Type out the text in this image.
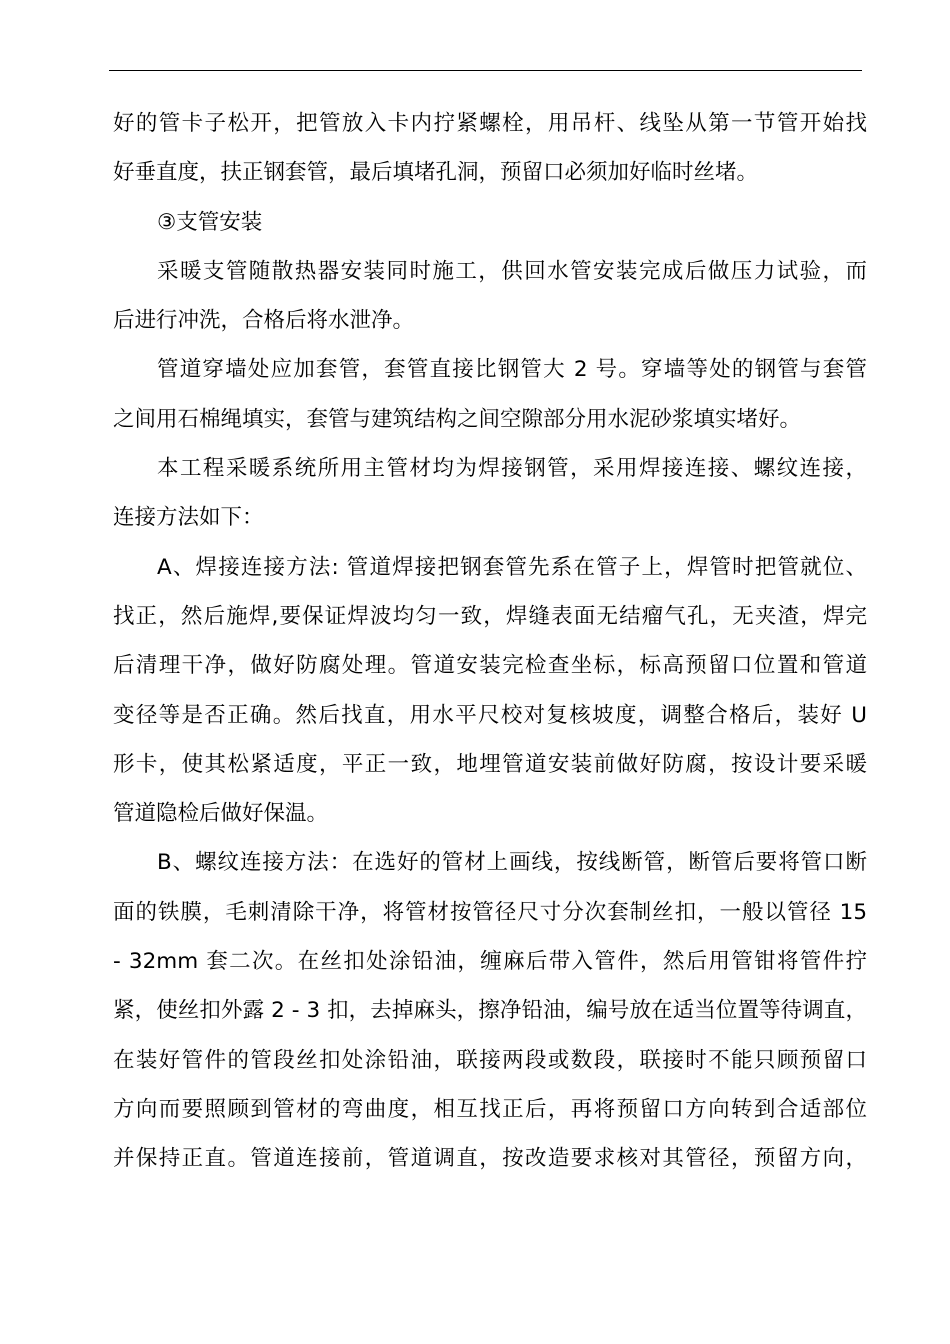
好的管卡子松开，把管放入卡内拧紧螺栓，用吊杆、线坠从第一节管开始找
好垂直度，扶正钢套管，最后填堵孔洞，预留口必须加好临时丝堵。
③支管安装
采暖支管随散热器安装同时施工，供回水管安装完成后做压力试验，而
后进行冲洗，合格后将水泄净。
管道穿墙处应加套管，套管直接比钢管大 2 号。穿墙等处的钢管与套管
之间用石棉绳填实，套管与建筑结构之间空隙部分用水泥砂浆填实堵好。
本工程采暖系统所用主管材均为焊接钢管，采用焊接连接、螺纹连接，
连接方法如下：
A、焊接连接方法: 管道焊接把钢套管先系在管子上，焊管时把管就位、
找正，然后施焊,要保证焊波均匀一致，焊缝表面无结瘤气孔，无夹渣，焊完
后清理干净，做好防腐处理。管道安装完检查坐标，标高预留口位置和管道
变径等是否正确。然后找直，用水平尺校对复核坡度，调整合格后，装好 U
形卡，使其松紧适度，平正一致，地埋管道安装前做好防腐，按设计要采暖
管道隐检后做好保温。
B、螺纹连接方法：在选好的管材上画线，按线断管，断管后要将管口断
面的铁膜，毛刺清除干净，将管材按管径尺寸分次套制丝扣，一般以管径 15
- 32mm 套二次。在丝扣处涂铅油，缠麻后带入管件，然后用管钳将管件拧
紧，使丝扣外露 2 - 3 扣，去掉麻头，擦净铅油，编号放在适当位置等待调直，
在装好管件的管段丝扣处涂铅油，联接两段或数段，联接时不能只顾预留口
方向而要照顾到管材的弯曲度，相互找正后，再将预留口方向转到合适部位
并保持正直。管道连接前，管道调直，按改造要求核对其管径，预留方向，
